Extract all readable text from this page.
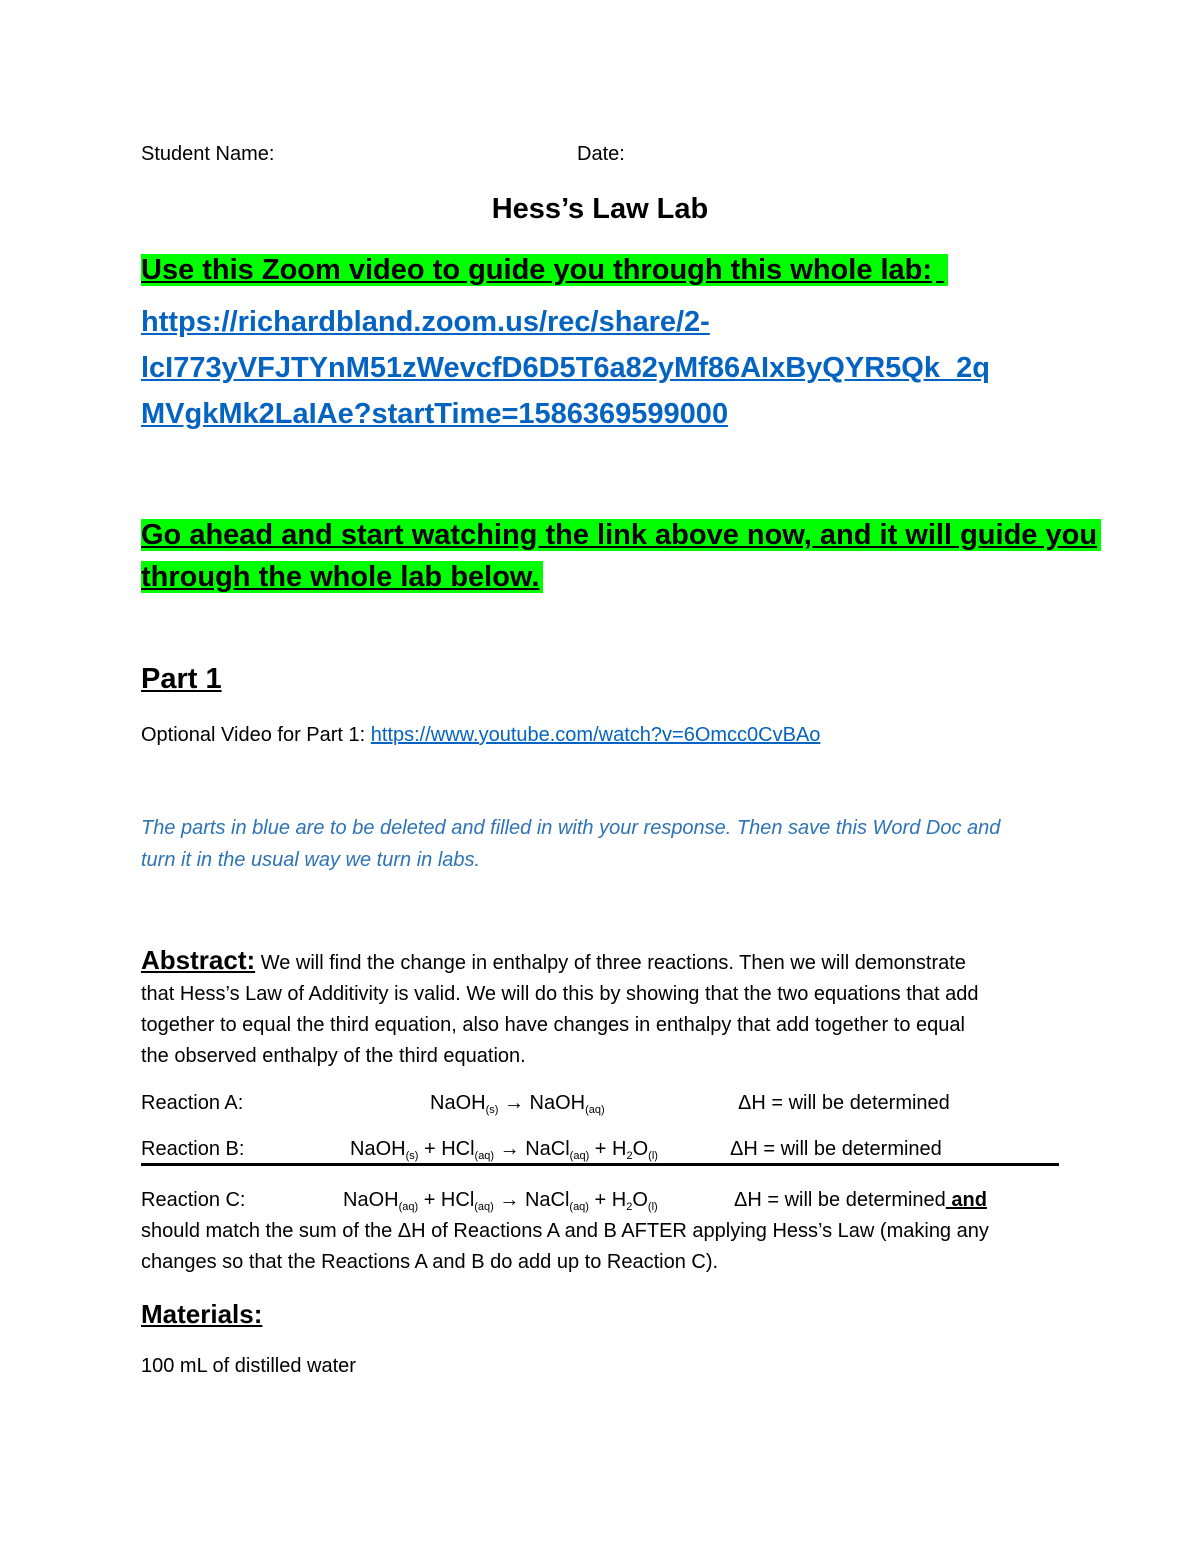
Student Name:	Date:
Hess’s Law Lab
Use this Zoom video to guide you through this whole lab:
https://richardbland.zoom.us/rec/share/2-
lcI773yVFJTYnM51zWevcfD6D5T6a82yMf86AIxByQYR5Qk_2q
MVgkMk2LaIAe?startTime=1586369599000
Go ahead and start watching the link above now, and it will guide you
through the whole lab below.
Part 1
Optional Video for Part 1: https://www.youtube.com/watch?v=6Omcc0CvBAo
The parts in blue are to be deleted and filled in with your response. Then save this Word Doc and
turn it in the usual way we turn in labs.
Abstract: We will find the change in enthalpy of three reactions. Then we will demonstrate
that Hess’s Law of Additivity is valid. We will do this by showing that the two equations that add
together to equal the third equation, also have changes in enthalpy that add together to equal
the observed enthalpy of the third equation.
Reaction A:	NaOH$_{(s)}$ → NaOH$_{(aq)}$	ΔH = will be determined
Reaction B:	NaOH$_{(s)}$ + HCl$_{(aq)}$ → NaCl$_{(aq)}$ + $H_2O_{(l)}$	ΔH = will be determined
Reaction C:	NaOH$_{(aq)}$ + HCl$_{(aq)}$ → NaCl$_{(aq)}$ + $H_2O_{(l)}$	ΔH = will be determined and
should match the sum of the ΔH of Reactions A and B AFTER applying Hess’s Law (making any
changes so that the Reactions A and B do add up to Reaction C).
Materials:
100 mL of distilled water
